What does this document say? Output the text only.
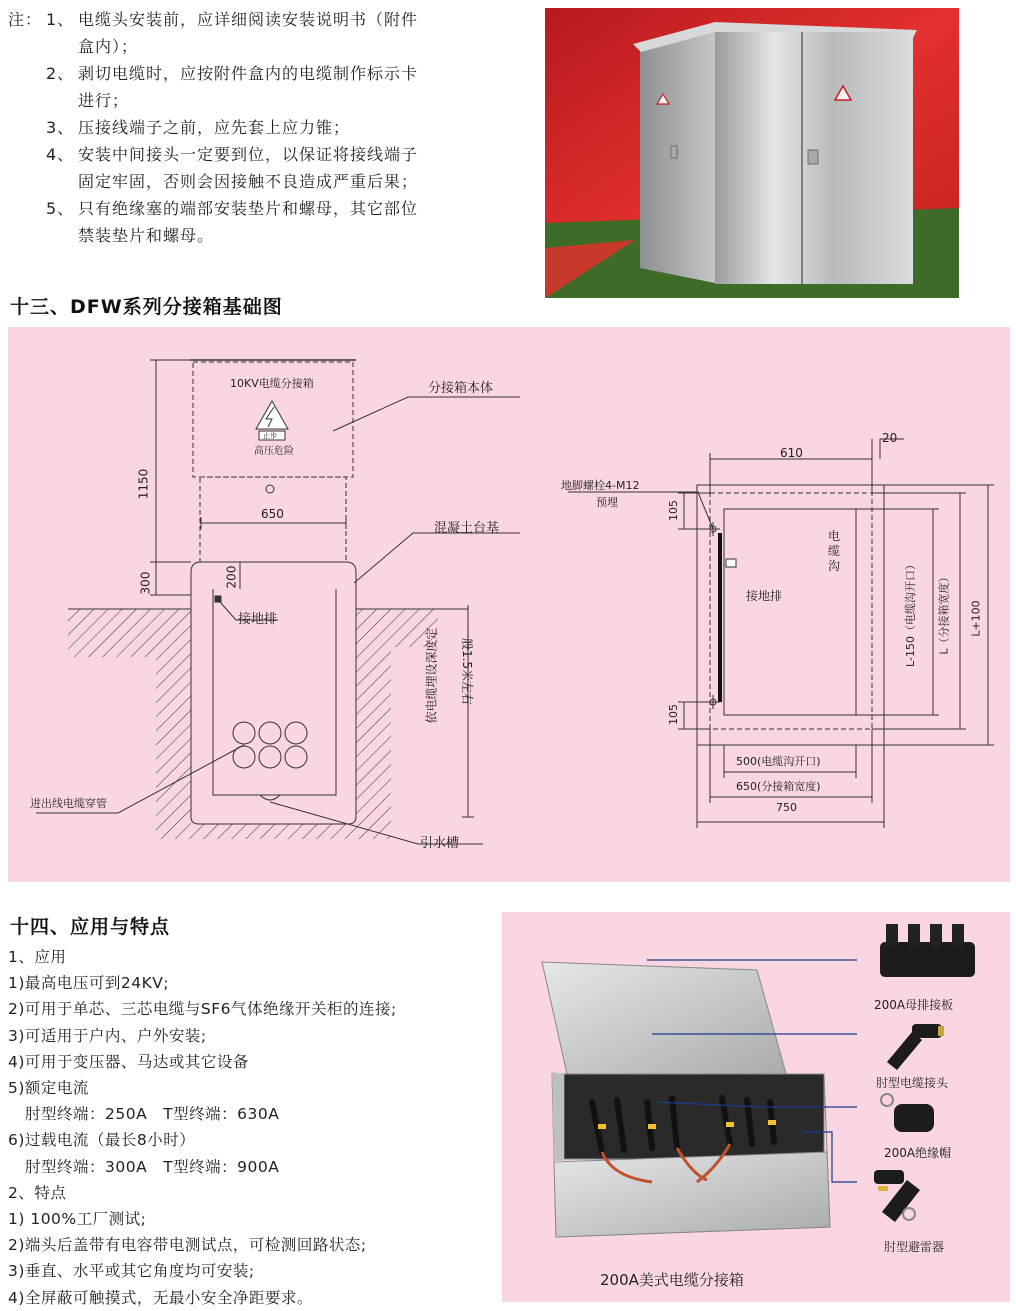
注： 1、 电缆头安装前，应详细阅读安装说明书（附件
盒内）；
2、 剥切电缆时，应按附件盒内的电缆制作标示卡
进行；
3、 压接线端子之前，应先套上应力锥；
4、 安装中间接头一定要到位，以保证将接线端子
固定牢固，否则会因接触不良造成严重后果；
5、 只有绝缘塞的端部安装垫片和螺母，其它部位
禁装垫片和螺母。
十三、DFW系列分接箱基础图
10KV电缆分接箱
止步
高压危险
分接箱本体
混凝土台基
接地排
进出线电缆穿管
引水槽
1150
300
650
200
依电缆埋设深度定 一般1.5米左右
610
20
地脚螺栓4-M12
预埋	105
105
电缆沟
接地排	L-150（电缆沟开口） L（分接箱宽度） L+100
500(电缆沟开口)
650(分接箱宽度)
750
十四、应用与特点
1、应用
1)最高电压可到24KV;
2)可用于单芯、三芯电缆与SF6气体绝缘开关柜的连接;
3)可适用于户内、户外安装;
4)可用于变压器、马达或其它设备
5)额定电流
肘型终端：250A　T型终端：630A
6)过载电流（最长8小时）
肘型终端：300A　T型终端：900A
2、特点
1) 100%工厂测试;
2)端头后盖带有电容带电测试点，可检测回路状态;
3)垂直、水平或其它角度均可安装;
4)全屏蔽可触摸式，无最小安全净距要求。
200A母排接板
肘型电缆接头
200A绝缘帽
肘型避雷器
200A美式电缆分接箱
